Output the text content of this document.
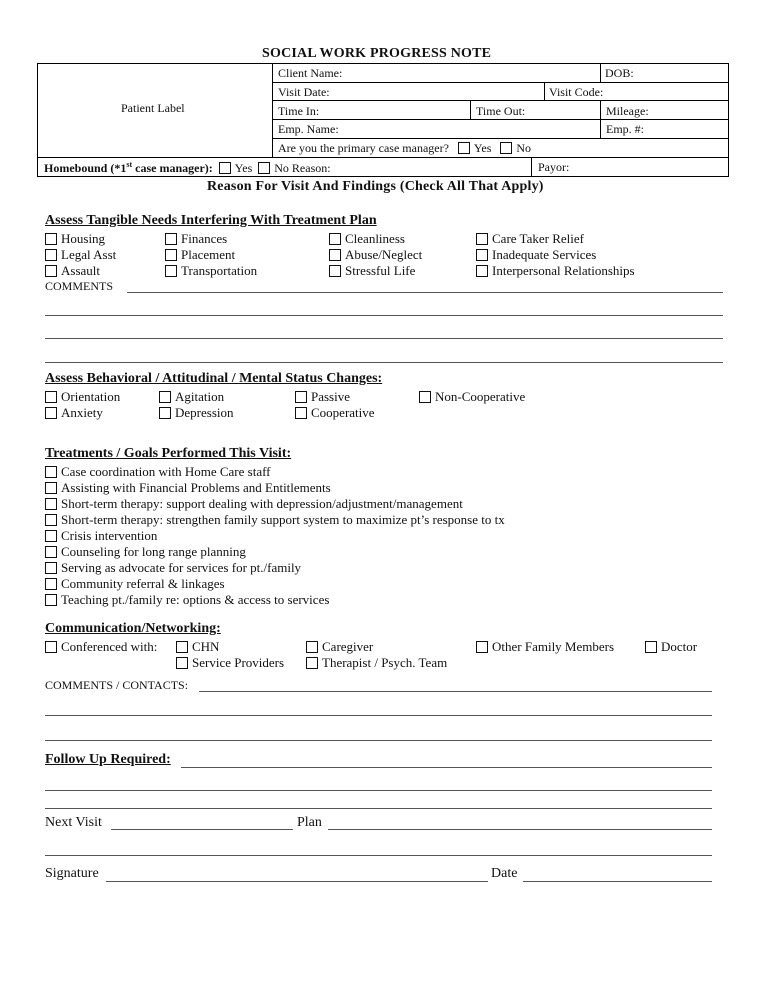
SOCIAL WORK PROGRESS NOTE
Patient Label
Client Name:	DOB:
Visit Date:	Visit Code:
Time In:	Time Out:	Mileage:
Emp. Name:	Emp. #:
Are you the primary case manager? Yes No
Homebound (*1st case manager): Yes No Reason:	Payor:
Reason For Visit And Findings (Check All That Apply)
Assess Tangible Needs Interfering With Treatment Plan
Housing
Legal Asst
Assault
Finances
Placement
Transportation
Cleanliness
Abuse/Neglect
Stressful Life
Care Taker Relief
Inadequate Services
Interpersonal Relationships
COMMENTS
Assess Behavioral / Attitudinal / Mental Status Changes:
Orientation
Anxiety
Agitation
Depression
Passive
Cooperative
Non-Cooperative
Treatments / Goals Performed This Visit:
Case coordination with Home Care staff
Assisting with Financial Problems and Entitlements
Short-term therapy: support dealing with depression/adjustment/management
Short-term therapy: strengthen family support system to maximize pt’s response to tx
Crisis intervention
Counseling for long range planning
Serving as advocate for services for pt./family
Community referral & linkages
Teaching pt./family re: options & access to services
Communication/Networking:
Conferenced with:	CHN
Service Providers
Caregiver
Therapist / Psych. Team
Other Family Members	Doctor
COMMENTS / CONTACTS:
Follow Up Required:
Next Visit	Plan
Signature	Date
